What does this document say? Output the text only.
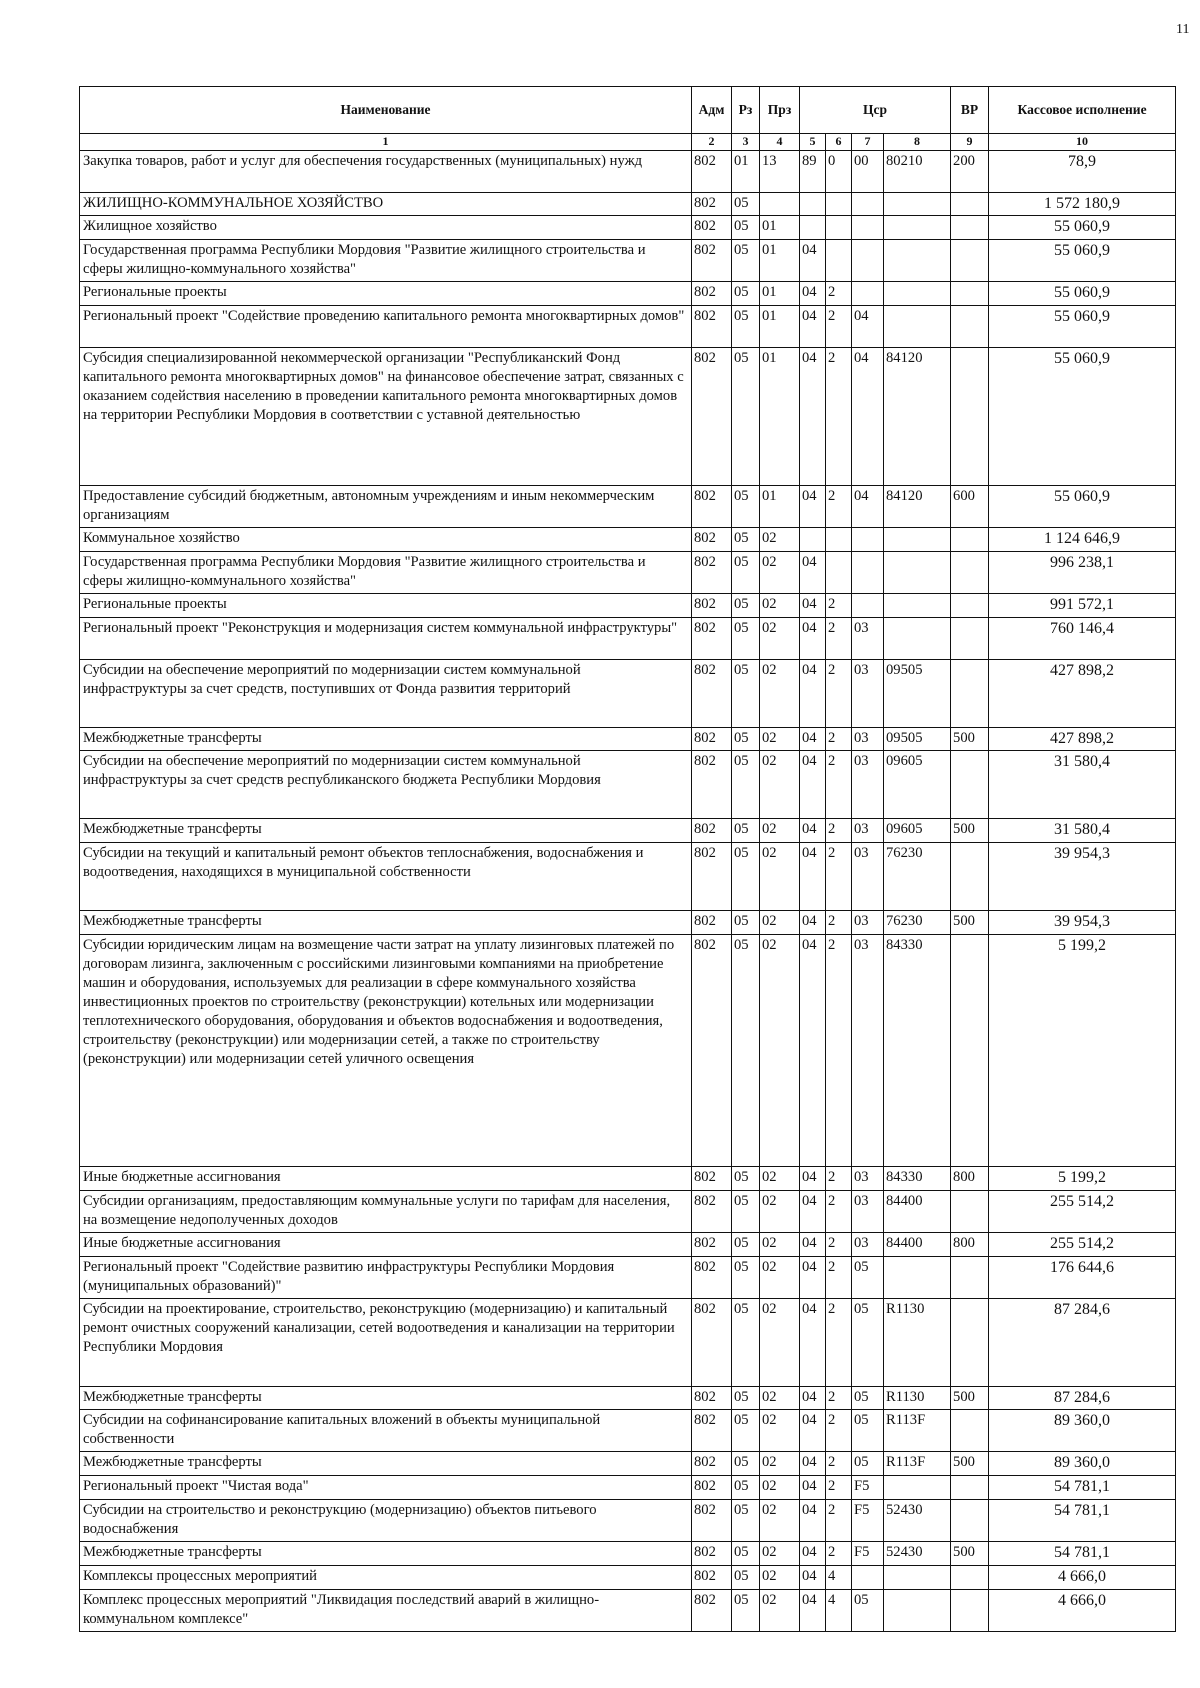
11
Наименование	Адм	Рз	Прз	Цср				ВР	Кассовое исполнение
1	2	3	4	5	6	7	8	9	10
Закупка товаров, работ и услуг для обеспечения государственных (муниципальных) нужд	802	01	13	89	0	00	80210	200	78,9
ЖИЛИЩНО-КОММУНАЛЬНОЕ ХОЗЯЙСТВО	802	05							1 572 180,9
Жилищное хозяйство	802	05	01						55 060,9
Государственная программа Республики Мордовия "Развитие жилищного строительства и сферы жилищно-коммунального хозяйства"	802	05	01	04					55 060,9
Региональные проекты	802	05	01	04	2				55 060,9
Региональный проект "Содействие проведению капитального ремонта многоквартирных домов"	802	05	01	04	2	04			55 060,9
Субсидия специализированной некоммерческой организации "Республиканский Фонд капитального ремонта многоквартирных домов" на финансовое обеспечение затрат, связанных с оказанием содействия населению в проведении капитального ремонта многоквартирных домов на территории Республики Мордовия в соответствии с уставной деятельностью	802	05	01	04	2	04	84120		55 060,9
Предоставление субсидий бюджетным, автономным учреждениям и иным некоммерческим организациям	802	05	01	04	2	04	84120	600	55 060,9
Коммунальное хозяйство	802	05	02						1 124 646,9
Государственная программа Республики Мордовия "Развитие жилищного строительства и сферы жилищно-коммунального хозяйства"	802	05	02	04					996 238,1
Региональные проекты	802	05	02	04	2				991 572,1
Региональный проект "Реконструкция и модернизация систем коммунальной инфраструктуры"	802	05	02	04	2	03			760 146,4
Субсидии на обеспечение мероприятий по модернизации систем коммунальной инфраструктуры за счет средств, поступивших от Фонда развития территорий	802	05	02	04	2	03	09505		427 898,2
Межбюджетные трансферты	802	05	02	04	2	03	09505	500	427 898,2
Субсидии на обеспечение мероприятий по модернизации систем коммунальной инфраструктуры за счет средств республиканского бюджета Республики Мордовия	802	05	02	04	2	03	09605		31 580,4
Межбюджетные трансферты	802	05	02	04	2	03	09605	500	31 580,4
Субсидии на текущий и капитальный ремонт объектов теплоснабжения, водоснабжения и водоотведения, находящихся в муниципальной собственности	802	05	02	04	2	03	76230		39 954,3
Межбюджетные трансферты	802	05	02	04	2	03	76230	500	39 954,3
Субсидии юридическим лицам на возмещение части затрат на уплату лизинговых платежей по договорам лизинга, заключенным с российскими лизинговыми компаниями на приобретение машин и оборудования, используемых для реализации в сфере коммунального хозяйства инвестиционных проектов по строительству (реконструкции) котельных или модернизации теплотехнического оборудования, оборудования и объектов водоснабжения и водоотведения, строительству (реконструкции) или модернизации сетей, а также по строительству (реконструкции) или модернизации сетей уличного освещения	802	05	02	04	2	03	84330		5 199,2
Иные бюджетные ассигнования	802	05	02	04	2	03	84330	800	5 199,2
Субсидии организациям, предоставляющим коммунальные услуги по тарифам для населения, на возмещение недополученных доходов	802	05	02	04	2	03	84400		255 514,2
Иные бюджетные ассигнования	802	05	02	04	2	03	84400	800	255 514,2
Региональный проект "Содействие развитию инфраструктуры Республики Мордовия (муниципальных образований)"	802	05	02	04	2	05			176 644,6
Субсидии на проектирование, строительство, реконструкцию (модернизацию) и капитальный ремонт очистных сооружений канализации, сетей водоотведения и канализации на территории Республики Мордовия	802	05	02	04	2	05	R1130		87 284,6
Межбюджетные трансферты	802	05	02	04	2	05	R1130	500	87 284,6
Субсидии на софинансирование капитальных вложений в объекты муниципальной собственности	802	05	02	04	2	05	R113F		89 360,0
Межбюджетные трансферты	802	05	02	04	2	05	R113F	500	89 360,0
Региональный проект "Чистая вода"	802	05	02	04	2	F5			54 781,1
Субсидии на строительство и реконструкцию (модернизацию) объектов питьевого водоснабжения	802	05	02	04	2	F5	52430		54 781,1
Межбюджетные трансферты	802	05	02	04	2	F5	52430	500	54 781,1
Комплексы процессных мероприятий	802	05	02	04	4				4 666,0
Комплекс процессных мероприятий "Ликвидация последствий аварий в жилищно-коммунальном комплексе"	802	05	02	04	4	05			4 666,0
